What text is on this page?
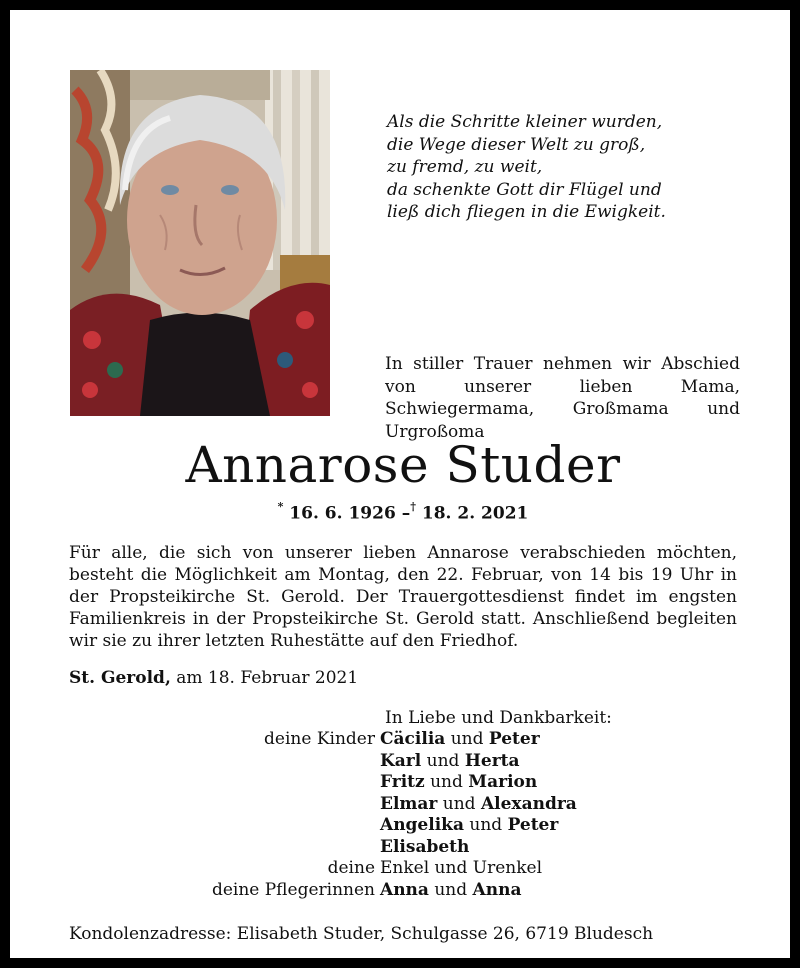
Als die Schritte kleiner wurden,
die Wege dieser Welt zu groß,
zu fremd, zu weit,
da schenkte Gott dir Flügel und
ließ dich fliegen in die Ewigkeit.
In stiller Trauer nehmen wir Abschied von unserer lieben Mama, Schwiegermama, Großmama und Urgroßoma
Annarose Studer
* 16. 6. 1926 –† 18. 2. 2021
Für alle, die sich von unserer lieben Annarose verabschieden möchten, besteht die Möglichkeit am Montag, den 22. Februar, von 14 bis 19 Uhr in der Propsteikirche St. Gerold. Der Trauergottesdienst findet im engsten Familienkreis in der Propsteikirche St. Gerold statt. Anschließend begleiten wir sie zu ihrer letzten Ruhestätte auf den Friedhof.
St. Gerold, am 18. Februar 2021
In Liebe und Dankbarkeit:
deine Kinder Cäcilia und Peter
Karl und Herta
Fritz und Marion
Elmar und Alexandra
Angelika und Peter
Elisabeth
deine Enkel und Urenkel
deine Pflegerinnen Anna und Anna
Kondolenzadresse: Elisabeth Studer, Schulgasse 26, 6719 Bludesch
